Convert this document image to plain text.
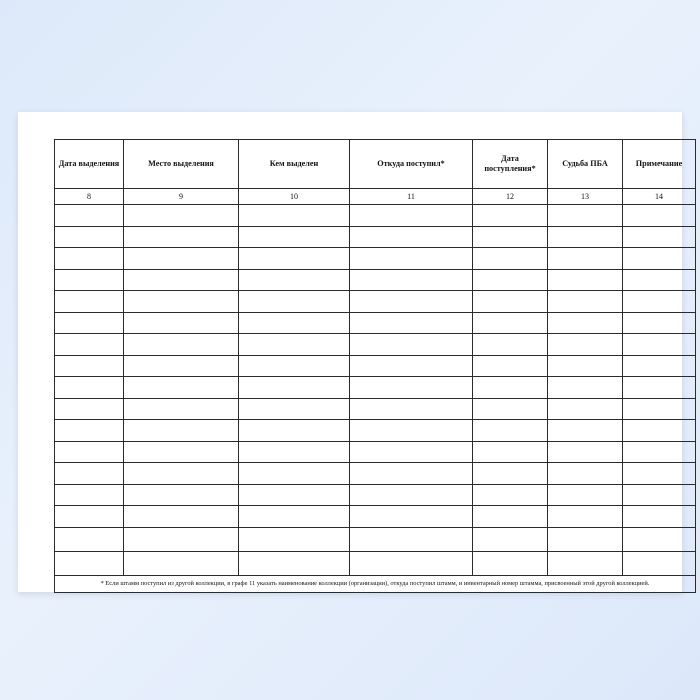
Дата выделения	Место выделения	Кем выделен	Откуда поступил*	Дата поступления*	Судьба ПБА	Примечание
8	9	10	11	12	13	14

* Если штамм поступил из другой коллекции, в графе 11 указать наименование коллекции (организации), откуда поступил штамм, и инвентарный номер штамма, присвоенный этой другой коллекцией.						
